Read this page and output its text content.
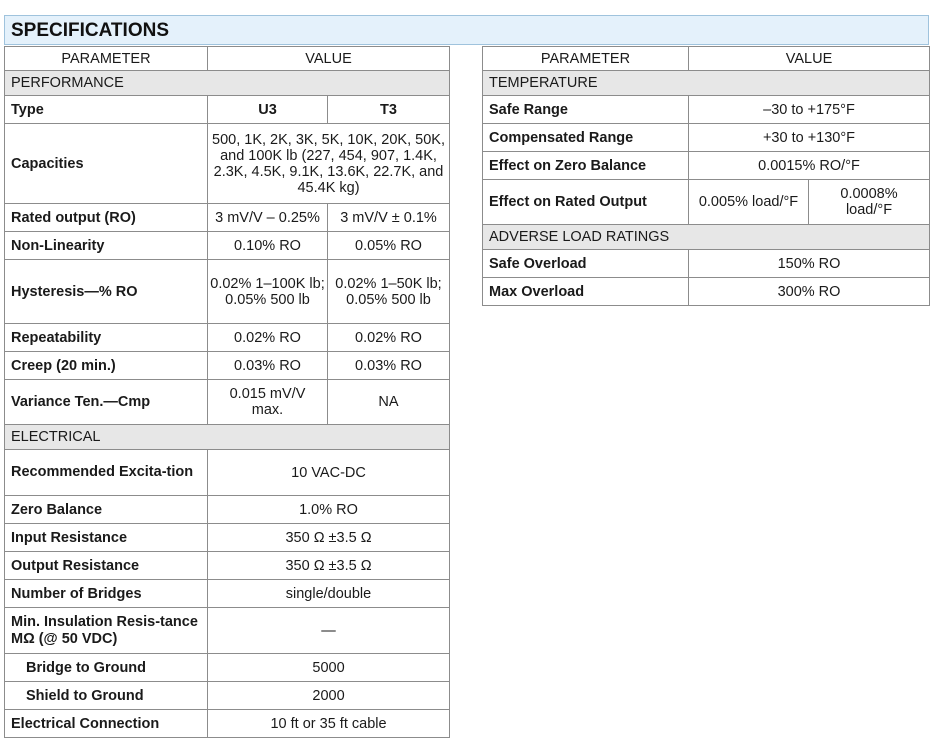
SPECIFICATIONS
PARAMETER	VALUE	
PERFORMANCE		
Type	U3	T3
Capacities	500, 1K, 2K, 3K, 5K, 10K, 20K, 50K, and 100K lb (227, 454, 907, 1.4K, 2.3K, 4.5K, 9.1K, 13.6K, 22.7K, and 45.4K kg)	
Rated output (RO)	3 mV/V – 0.25%	3 mV/V ± 0.1%
Non-Linearity	0.10% RO	0.05% RO
Hysteresis—% RO	0.02% 1–100K lb; 0.05% 500 lb	0.02% 1–50K lb; 0.05% 500 lb
Repeatability	0.02% RO	0.02% RO
Creep (20 min.)	0.03% RO	0.03% RO
Variance Ten.—Cmp	0.015 mV/V max.	NA
ELECTRICAL		
Recommended Excita-tion	10 VAC-DC	
Zero Balance	1.0% RO	
Input Resistance	350 Ω ±3.5 Ω	
Output Resistance	350 Ω ±3.5 Ω	
Number of Bridges	single/double	
Min. Insulation Resis-tance MΩ (@ 50 VDC)	—	
Bridge to Ground	5000	
Shield to Ground	2000	
Electrical Connection	10 ft or 35 ft cable	
PARAMETER	VALUE	
TEMPERATURE		
Safe Range	–30 to +175°F	
Compensated Range	+30 to +130°F	
Effect on Zero Balance	0.0015% RO/°F	
Effect on Rated Output	0.005% load/°F	0.0008% load/°F
ADVERSE LOAD RATINGS		
Safe Overload	150% RO	
Max Overload	300% RO	
